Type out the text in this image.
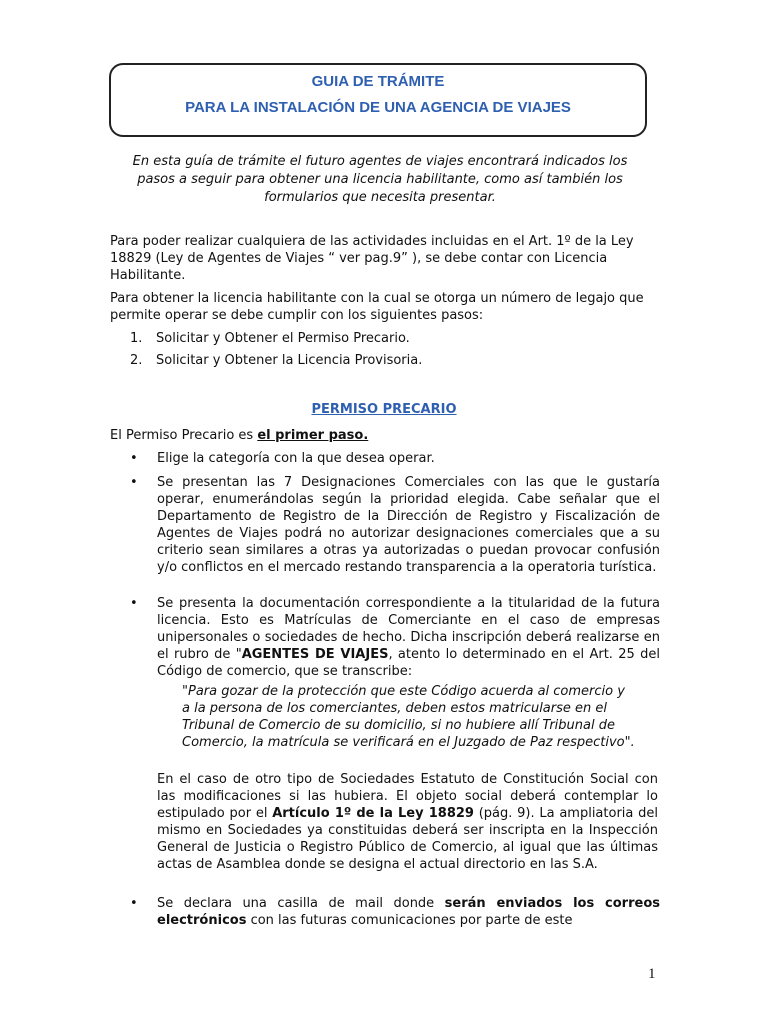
GUIA DE TRÁMITE
PARA LA INSTALACIÓN DE UNA AGENCIA DE VIAJES
En esta guía de trámite el futuro agentes de viajes encontrará indicados los pasos a seguir para obtener una licencia habilitante, como así también los formularios que necesita presentar.
Para poder realizar cualquiera de las actividades incluidas en el Art. 1º de la Ley 18829 (Ley de Agentes de Viajes “ ver pag.9” ), se debe contar con Licencia Habilitante.
Para obtener la licencia habilitante con la cual se otorga un número de legajo que permite operar se debe cumplir con los siguientes pasos:
1.	Solicitar y Obtener el Permiso Precario.
2.	Solicitar y Obtener la Licencia Provisoria.
PERMISO PRECARIO
El Permiso Precario es el primer paso.
• Elige la categoría con la que desea operar.
• Se presentan las 7 Designaciones Comerciales con las que le gustaría operar, enumerándolas según la prioridad elegida. Cabe señalar que el Departamento de Registro de la Dirección de Registro y Fiscalización de Agentes de Viajes podrá no autorizar designaciones comerciales que a su criterio sean similares a otras ya autorizadas o puedan provocar confusión y/o conflictos en el mercado restando transparencia a la operatoria turística.
• Se presenta la documentación correspondiente a la titularidad de la futura licencia. Esto es Matrículas de Comerciante en el caso de empresas unipersonales o sociedades de hecho. Dicha inscripción deberá realizarse en el rubro de "AGENTES DE VIAJES, atento lo determinado en el Art. 25 del Código de comercio, que se transcribe:
"Para gozar de la protección que este Código acuerda al comercio y a la persona de los comerciantes, deben estos matricularse en el Tribunal de Comercio de su domicilio, si no hubiere allí Tribunal de Comercio, la matrícula se verificará en el Juzgado de Paz respectivo".
En el caso de otro tipo de Sociedades Estatuto de Constitución Social con las modificaciones si las hubiera. El objeto social deberá contemplar lo estipulado por el Artículo 1º de la Ley 18829 (pág. 9). La ampliatoria del mismo en Sociedades ya constituidas deberá ser inscripta en la Inspección General de Justicia o Registro Público de Comercio, al igual que las últimas actas de Asamblea donde se designa el actual directorio en las S.A.
• Se declara una casilla de mail donde serán enviados los correos electrónicos con las futuras comunicaciones por parte de este
1
